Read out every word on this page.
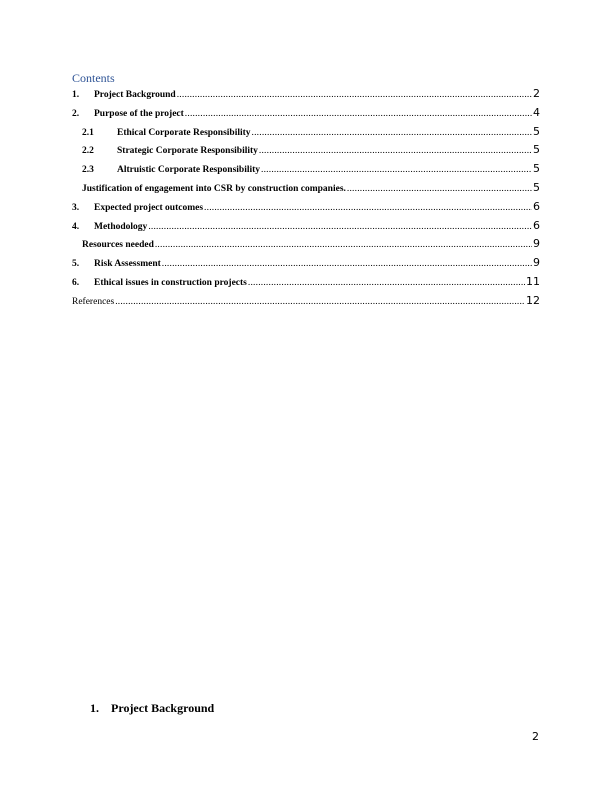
Contents
1.	Project Background .....	2
2.	Purpose of the project .....	4
2.1	Ethical Corporate Responsibility .....	5
2.2	Strategic Corporate Responsibility .....	5
2.3	Altruistic Corporate Responsibility .....	5
Justification of engagement into CSR by construction companies. .....	5
3.	Expected project outcomes .....	6
4.	Methodology .....	6
Resources needed .....	9
5.	Risk Assessment .....	9
6.	Ethical issues in construction projects .....	11
References .....	12
1. Project Background
2
